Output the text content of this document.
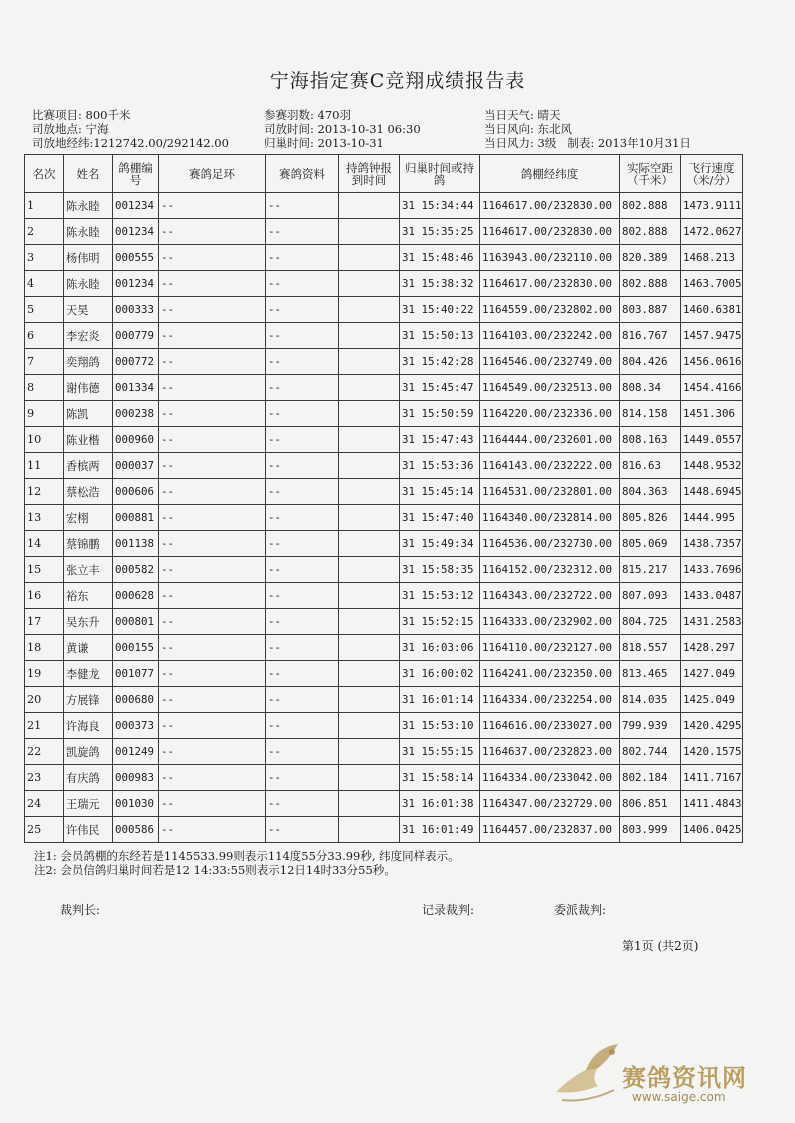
宁海指定赛C竞翔成绩报告表
比赛项目: 800千米
司放地点: 宁海
司放地经纬:1212742.00/292142.00
参赛羽数: 470羽
司放时间: 2013-10-31 06:30
归巢时间: 2013-10-31
当日天气: 晴天
当日风向: 东北风
当日风力: 3级 制表: 2013年10月31日
名次	姓名	鸽棚编号	赛鸽足环	赛鸽资料	持鸽钟报到时间	归巢时间或持鸽	鸽棚经纬度	实际空距（千米）	飞行速度（米/分）
1	陈永睦	001234	--	--		31 15:34:44	1164617.00/232830.00	802.888	1473.9111
2	陈永睦	001234	--	--		31 15:35:25	1164617.00/232830.00	802.888	1472.0627
3	杨伟明	000555	--	--		31 15:48:46	1163943.00/232110.00	820.389	1468.213
4	陈永睦	001234	--	--		31 15:38:32	1164617.00/232830.00	802.888	1463.7005
5	天昊	000333	--	--		31 15:40:22	1164559.00/232802.00	803.887	1460.6381
6	李宏炎	000779	--	--		31 15:50:13	1164103.00/232242.00	816.767	1457.9475
7	奕翔鸽	000772	--	--		31 15:42:28	1164546.00/232749.00	804.426	1456.0616
8	谢伟德	001334	--	--		31 15:45:47	1164549.00/232513.00	808.34	1454.4166
9	陈凯	000238	--	--		31 15:50:59	1164220.00/232336.00	814.158	1451.306
10	陈业楷	000960	--	--		31 15:47:43	1164444.00/232601.00	808.163	1449.0557
11	香槟两	000037	--	--		31 15:53:36	1164143.00/232222.00	816.63	1448.9532
12	蔡松浩	000606	--	--		31 15:45:14	1164531.00/232801.00	804.363	1448.6945
13	宏栩	000881	--	--		31 15:47:40	1164340.00/232814.00	805.826	1444.995
14	蔡锦鹏	001138	--	--		31 15:49:34	1164536.00/232730.00	805.069	1438.7357
15	张立丰	000582	--	--		31 15:58:35	1164152.00/232312.00	815.217	1433.7696
16	裕东	000628	--	--		31 15:53:12	1164343.00/232722.00	807.093	1433.0487
17	吴东升	000801	--	--		31 15:52:15	1164333.00/232902.00	804.725	1431.2583
18	黄谦	000155	--	--		31 16:03:06	1164110.00/232127.00	818.557	1428.297
19	李健龙	001077	--	--		31 16:00:02	1164241.00/232350.00	813.465	1427.049
20	方展锋	000680	--	--		31 16:01:14	1164334.00/232254.00	814.035	1425.049
21	许海良	000373	--	--		31 15:53:10	1164616.00/233027.00	799.939	1420.4295
22	凯旋鸽	001249	--	--		31 15:55:15	1164637.00/232823.00	802.744	1420.1575
23	有庆鸽	000983	--	--		31 15:58:14	1164334.00/233042.00	802.184	1411.7167
24	王瑞元	001030	--	--		31 16:01:38	1164347.00/232729.00	806.851	1411.4843
25	许伟民	000586	--	--		31 16:01:49	1164457.00/232837.00	803.999	1406.0425
注1: 会员鸽棚的东经若是1145533.99则表示114度55分33.99秒, 纬度同样表示。
注2: 会员信鸽归巢时间若是12 14:33:55则表示12日14时33分55秒。
裁判长:	记录裁判:	委派裁判:
第1页 (共2页)
赛鸽资讯网
www.saige.com
